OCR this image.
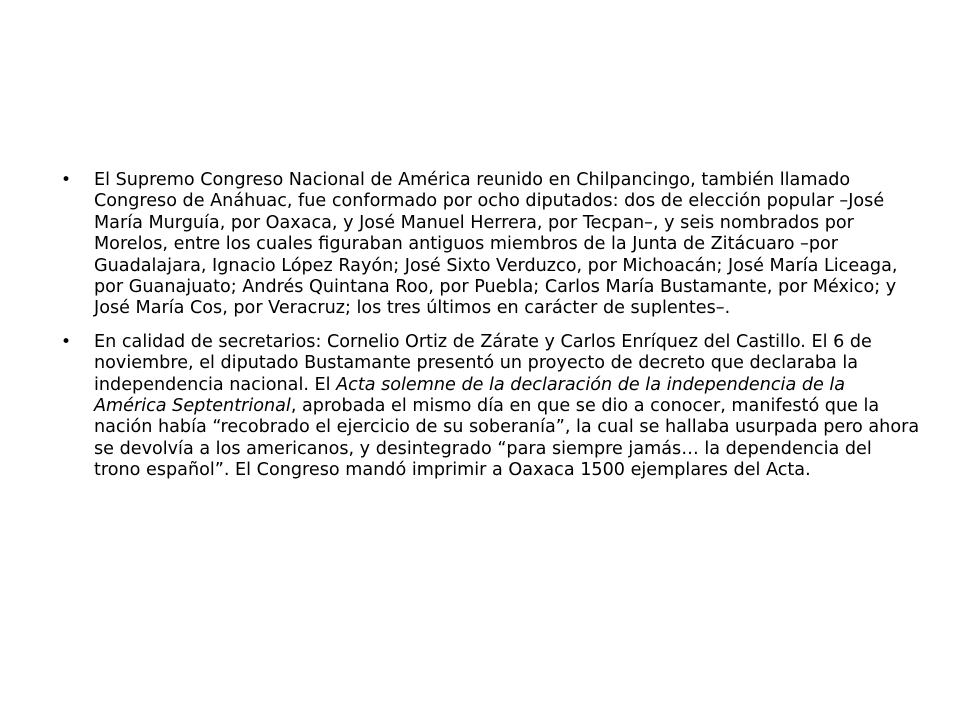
• El Supremo Congreso Nacional de América reunido en Chilpancingo, también llamado Congreso de Anáhuac, fue conformado por ocho diputados: dos de elección popular –José María Murguía, por Oaxaca, y José Manuel Herrera, por Tecpan–, y seis nombrados por Morelos, entre los cuales figuraban antiguos miembros de la Junta de Zitácuaro –por Guadalajara, Ignacio López Rayón; José Sixto Verduzco, por Michoacán; José María Liceaga, por Guanajuato; Andrés Quintana Roo, por Puebla; Carlos María Bustamante, por México; y José María Cos, por Veracruz; los tres últimos en carácter de suplentes–.
• En calidad de secretarios: Cornelio Ortiz de Zárate y Carlos Enríquez del Castillo. El 6 de noviembre, el diputado Bustamante presentó un proyecto de decreto que declaraba la independencia nacional. El Acta solemne de la declaración de la independencia de la América Septentrional, aprobada el mismo día en que se dio a conocer, manifestó que la nación había “recobrado el ejercicio de su soberanía”, la cual se hallaba usurpada pero ahora se devolvía a los americanos, y desintegrado “para siempre jamás… la dependencia del trono español”. El Congreso mandó imprimir a Oaxaca 1500 ejemplares del Acta.
